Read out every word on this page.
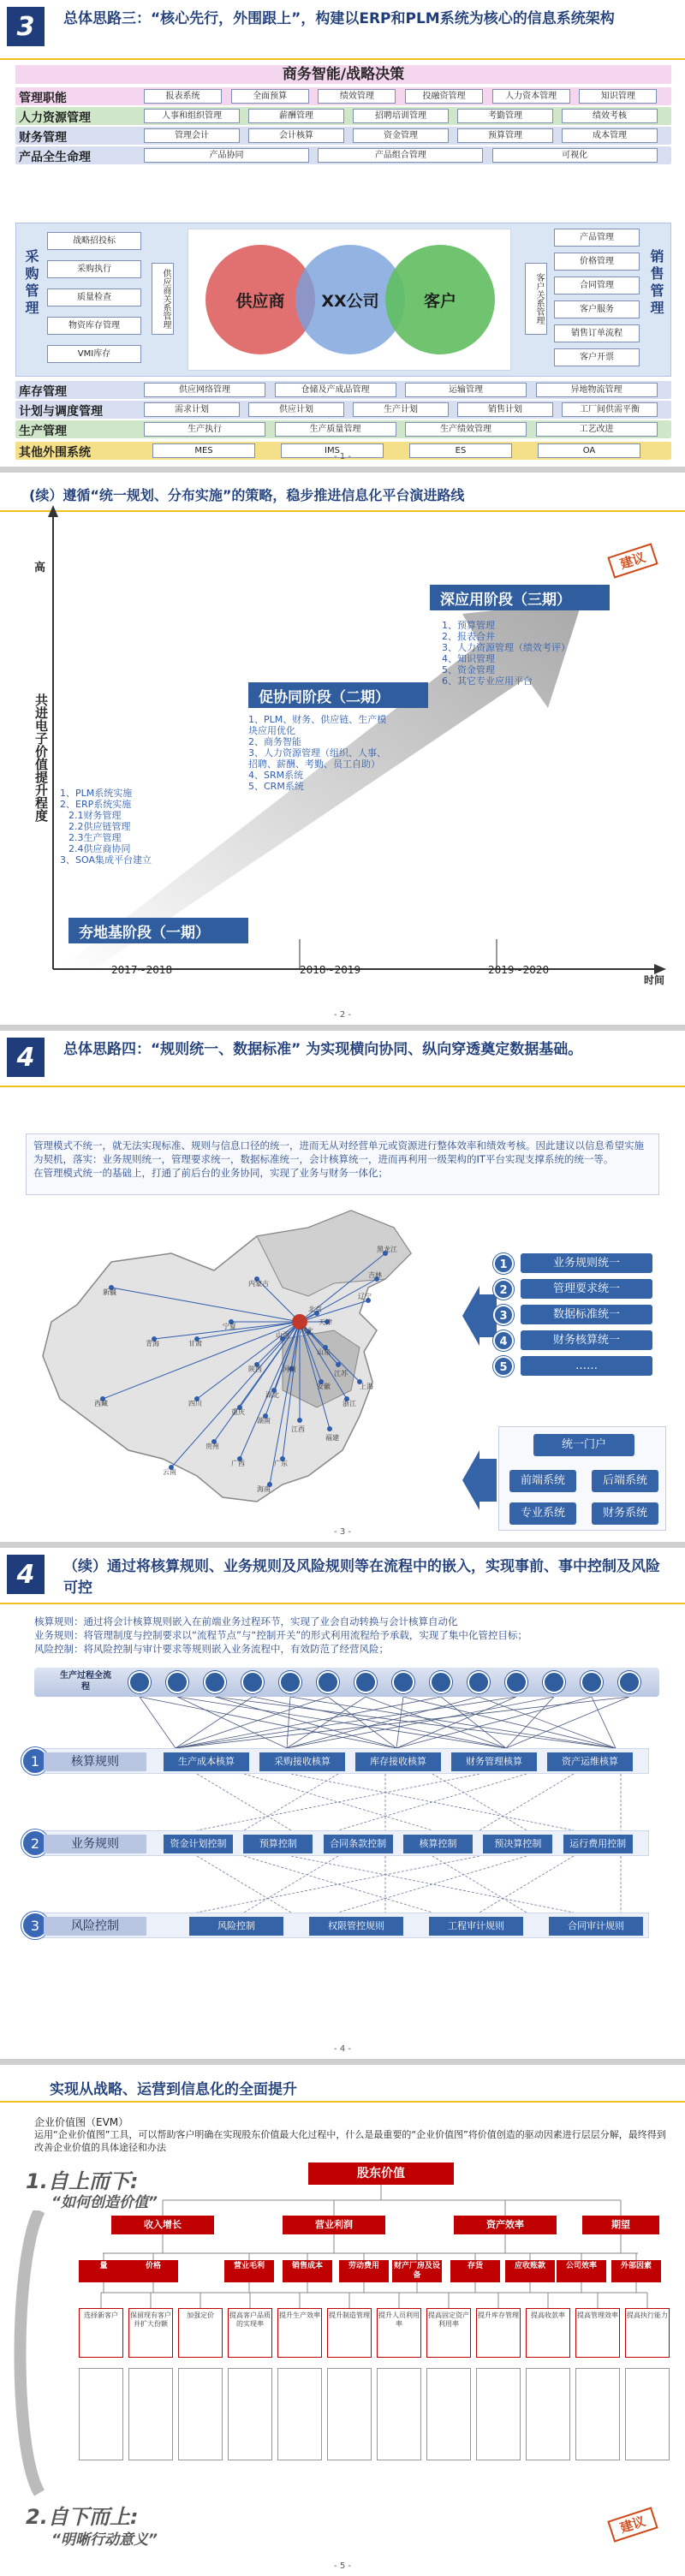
3	总体思路三：“核心先行，外围跟上”，构建以ERP和PLM系统为核心的信息系统架构
商务智能/战略决策
管理职能	报表系统	全面预算	绩效管理	投融资管理	人力资本管理	知识管理
人力资源管理	人事和组织管理	薪酬管理	招聘培训管理	考勤管理	绩效考核
财务管理	管理会计	会计核算	资金管理	预算管理	成本管理
产品全生命理	产品协同	产品组合管理	可视化
采购管理
战略招投标
采购执行
质量检查
物资库存管理
VMI库存
供应商关系管理	供应商	XX公司	客户	客户关系管理
产品管理
价格管理
合同管理
客户服务
销售订单流程
客户开票
销售管理
库存管理	供应网络管理	仓储及产成品管理	运输管理	异地物流管理
计划与调度管理	需求计划	供应计划	生产计划	销售计划	工厂间供需平衡
生产管理	生产执行	生产质量管理	生产绩效管理	工艺改进
其他外围系统	MES	IMS	ES	OA
- 1 -
(续）遵循“统一规划、分布实施”的策略，稳步推进信息化平台演进路线
高
共进电子价值提升程度
时间
建议
夯地基阶段（一期）
促协同阶段（二期）
深应用阶段（三期）
1、PLM系统实施
2、ERP系统实施
2.1财务管理
2.2供应链管理
2.3生产管理
2.4供应商协同
3、SOA集成平台建立
1、PLM、财务、供应链、生产模块应用优化
2、商务智能
3、人力资源管理（组织、人事、招聘、薪酬、考勤、员工自助）
4、SRM系统
5、CRM系统
1、预算管理
2、报表合并
3、人力资源管理（绩效考评）
4、知识管理
5、资金管理
6、其它专业应用平台
2017~2018	2018~2019	2019~2020
- 2 -
4	总体思路四：“规则统一、数据标准” 为实现横向协同、纵向穿透奠定数据基础。
管理模式不统一，就无法实现标准、规则与信息口径的统一，进而无从对经营单元或资源进行整体效率和绩效考核。因此建议以信息希望实施为契机，落实：业务规则统一，管理要求统一，数据标准统一，会计核算统一，进而再利用一级架构的IT平台实现支撑系统的统一等。
在管理模式统一的基础上，打通了前后台的业务协同，实现了业务与财务一体化；
黑龙江
吉林
辽宁
北京
天津
河北
山西
山东
江苏
上海
浙江
安徽
河南
湖北
湖南
江西
福建
广东
广西
四川
重庆
陕西
甘肃
宁夏
青海
西藏
新疆
内蒙古
云南
贵州
海南
1	业务规则统一
2	管理要求统一
3	数据标准统一
4	财务核算统一
5	……
统一门户
前端系统	后端系统
专业系统	财务系统
- 3 -
4	（续）通过将核算规则、业务规则及风险规则等在流程中的嵌入，实现事前、事中控制及风险可控
核算规则：通过将会计核算规则嵌入在前端业务过程环节，实现了业会自动转换与会计核算自动化
业务规则：将管理制度与控制要求以“流程节点”与“控制开关”的形式利用流程给予承载，实现了集中化管控目标；
风险控制：将风险控制与审计要求等规则嵌入业务流程中，有效防范了经营风险；
生产过程全流程
1	核算规则	生产成本核算	采购接收核算	库存接收核算	财务管理核算	资产运维核算
2	业务规则	资金计划控制	预算控制	合同条款控制	核算控制	预决算控制	运行费用控制
3	风险控制	风险控制	权限管控规则	工程审计规则	合同审计规则
- 4 -
实现从战略、运营到信息化的全面提升
企业价值图（EVM）
运用“企业价值图”工具，可以帮助客户明确在实现股东价值最大化过程中，什么是最重要的“企业价值图”将价值创造的驱动因素进行层层分解，最终得到改善企业价值的具体途径和办法
1.自上而下:
“如何创造价值”
2.自下而上:
“明晰行动意义”
建议
股东价值
收入增长	营业利润	资产效率	期望
量	价格	营业毛利	销售成本	劳动费用	财产厂房及设备
存货	应收账款	公司效率	外部因素
选择新客户	保留现有客户并扩大份额
加强定价	提高客户品质的实现率
提升生产效率 提升制造管理 提升人员利用率
提高固定资产利用率
提升库存管理	提高收款率	提高管理效率 提高执行能力
- 5 -
